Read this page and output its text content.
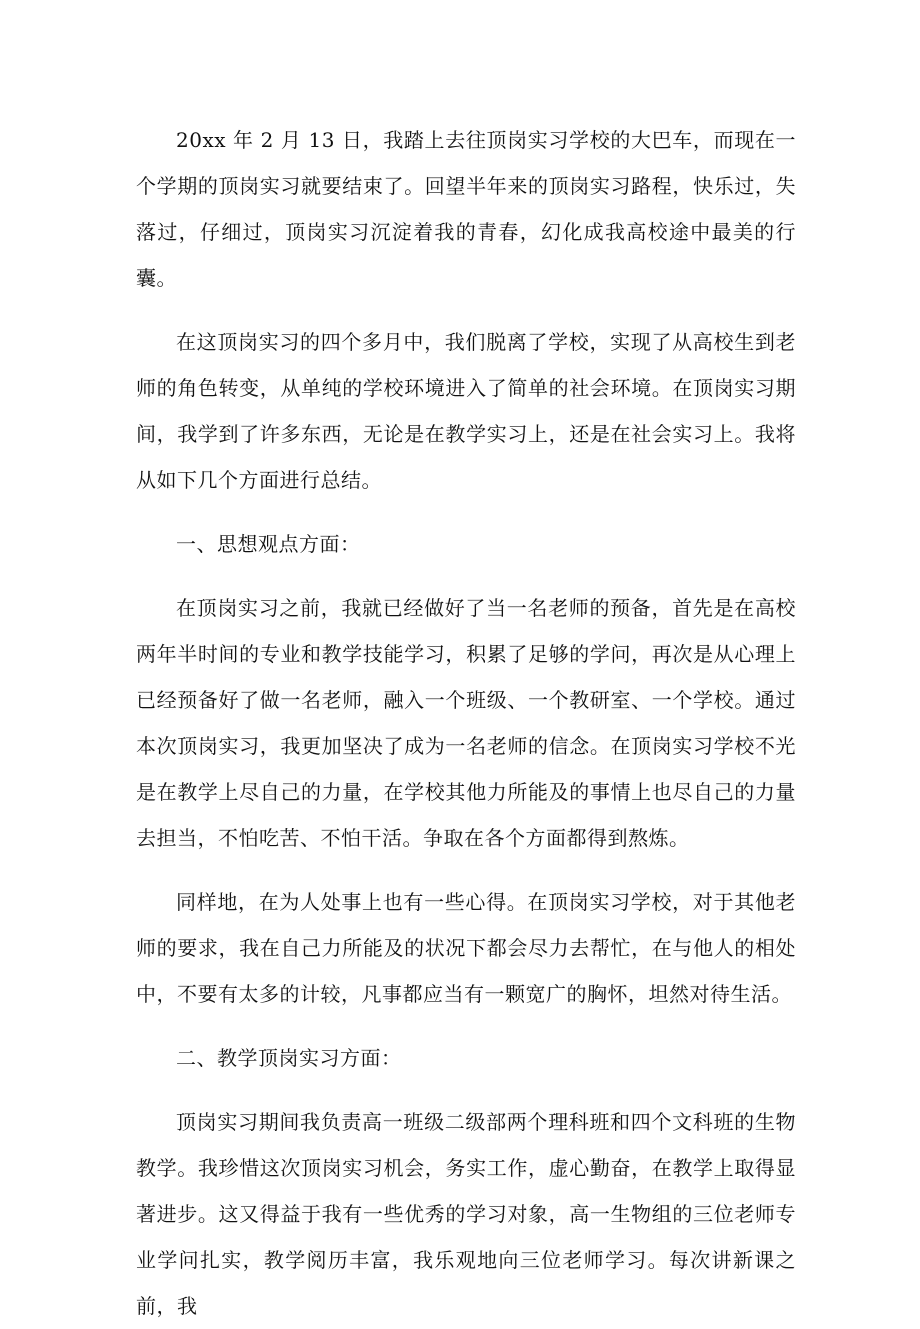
20xx 年 2 月 13 日，我踏上去往顶岗实习学校的大巴车，而现在一个学期的顶岗实习就要结束了。回望半年来的顶岗实习路程，快乐过，失落过，仔细过，顶岗实习沉淀着我的青春，幻化成我高校途中最美的行囊。

在这顶岗实习的四个多月中，我们脱离了学校，实现了从高校生到老师的角色转变，从单纯的学校环境进入了简单的社会环境。在顶岗实习期间，我学到了许多东西，无论是在教学实习上，还是在社会实习上。我将从如下几个方面进行总结。

一、思想观点方面：

在顶岗实习之前，我就已经做好了当一名老师的预备，首先是在高校两年半时间的专业和教学技能学习，积累了足够的学问，再次是从心理上已经预备好了做一名老师，融入一个班级、一个教研室、一个学校。通过本次顶岗实习，我更加坚决了成为一名老师的信念。在顶岗实习学校不光是在教学上尽自己的力量，在学校其他力所能及的事情上也尽自己的力量去担当，不怕吃苦、不怕干活。争取在各个方面都得到熬炼。

同样地，在为人处事上也有一些心得。在顶岗实习学校，对于其他老师的要求，我在自己力所能及的状况下都会尽力去帮忙，在与他人的相处中，不要有太多的计较，凡事都应当有一颗宽广的胸怀，坦然对待生活。

二、教学顶岗实习方面：

顶岗实习期间我负责高一班级二级部两个理科班和四个文科班的生物教学。我珍惜这次顶岗实习机会，务实工作，虚心勤奋，在教学上取得显著进步。这又得益于我有一些优秀的学习对象，高一生物组的三位老师专业学问扎实，教学阅历丰富，我乐观地向三位老师学习。每次讲新课之前，我
